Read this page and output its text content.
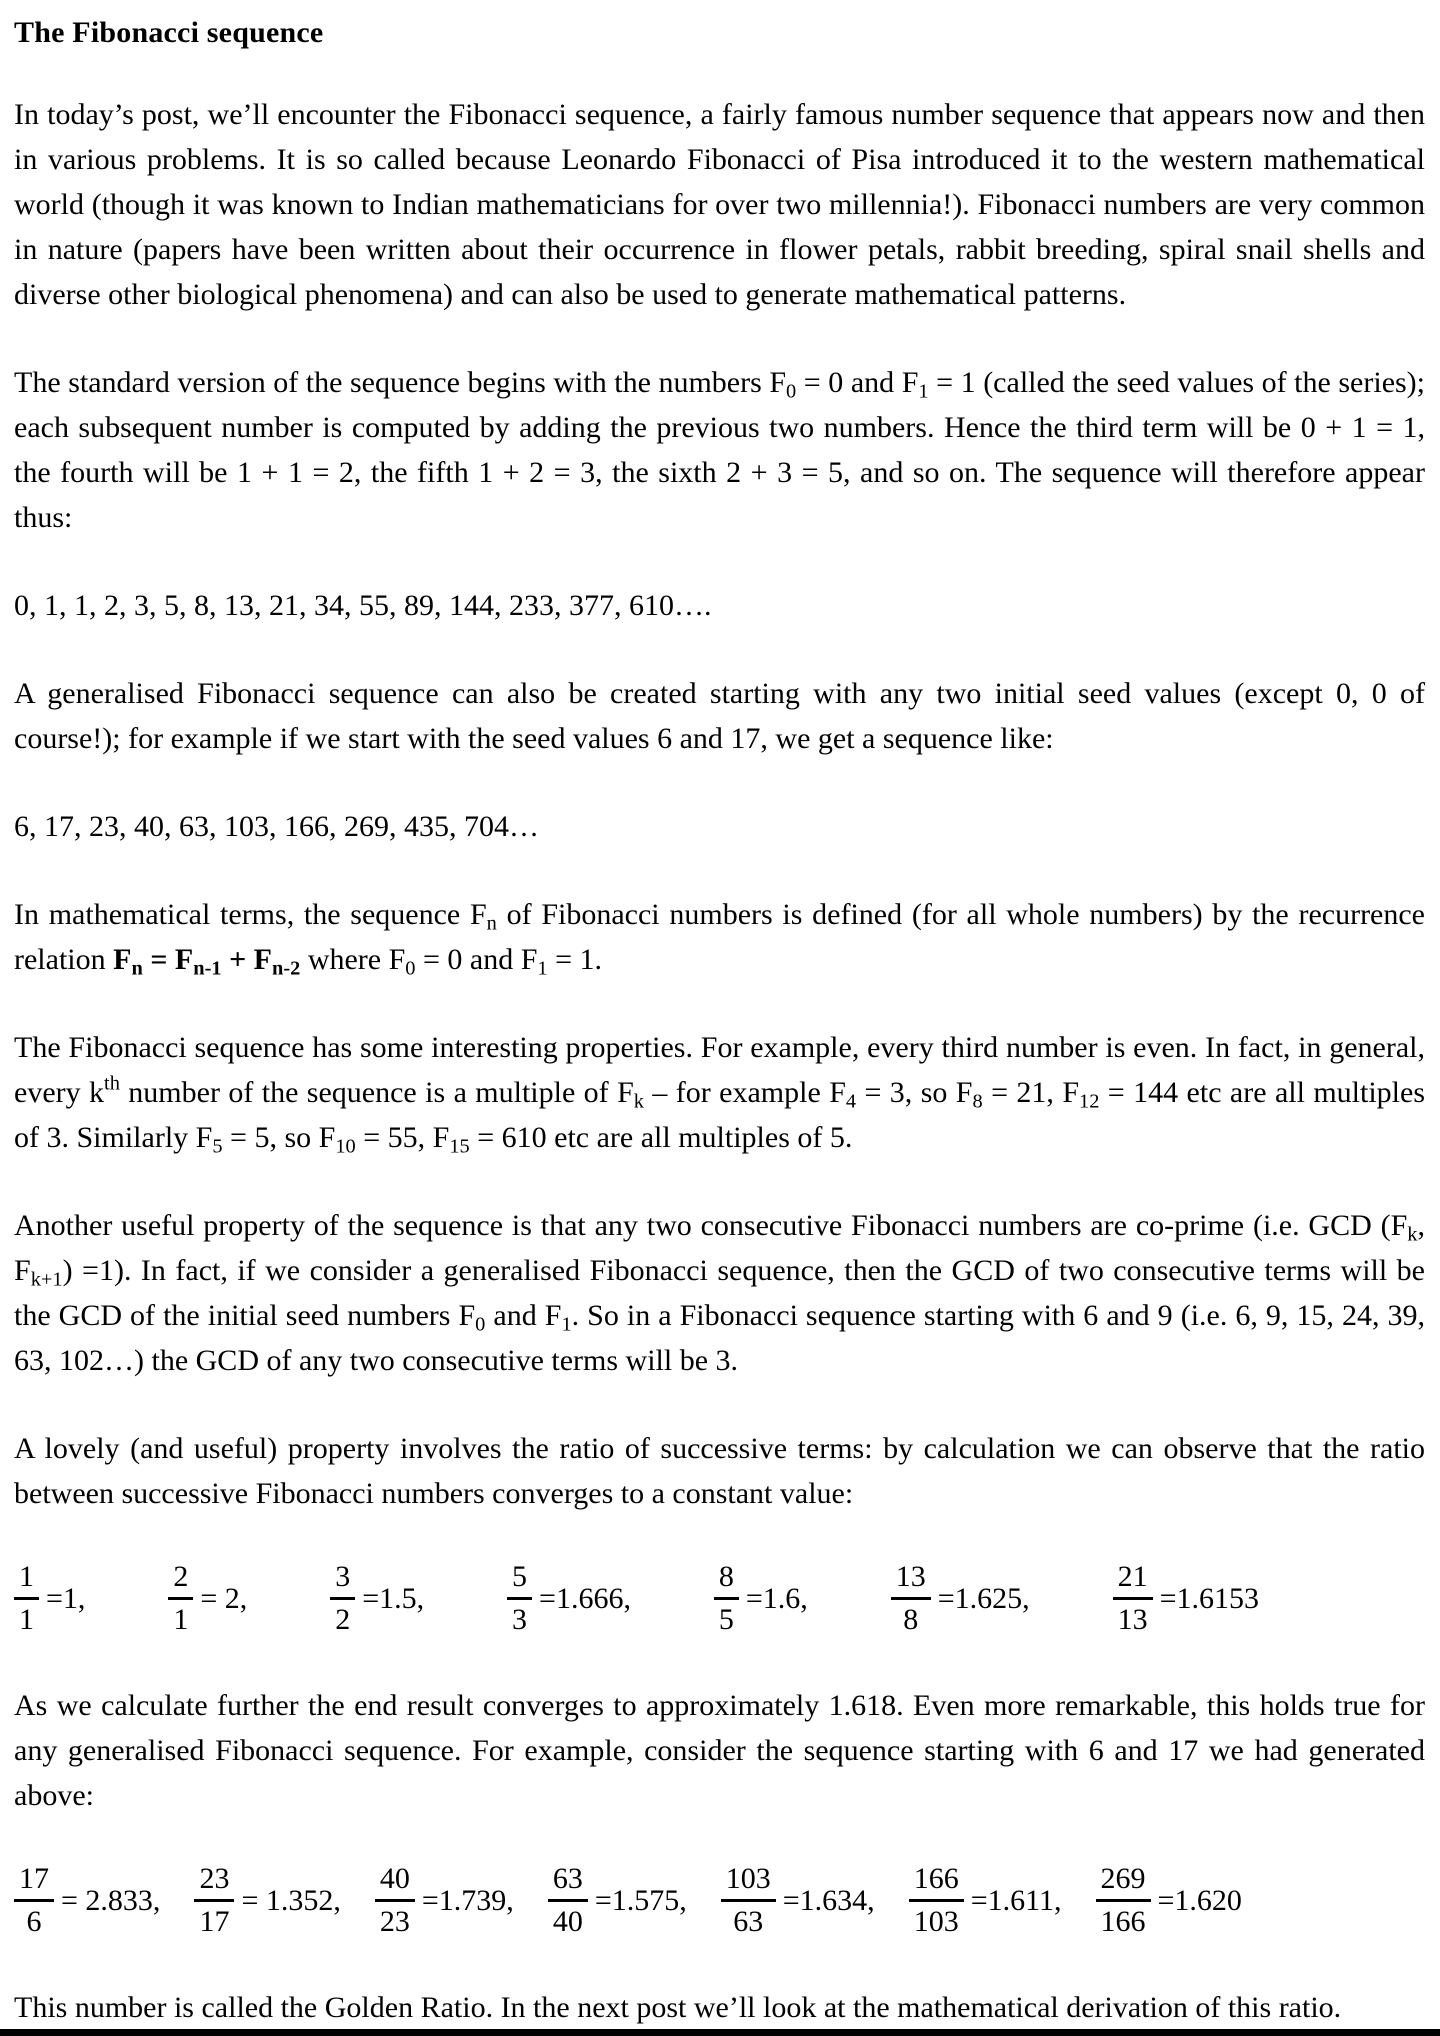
The Fibonacci sequence

In today’s post, we’ll encounter the Fibonacci sequence, a fairly famous number sequence that appears now and then in various problems. It is so called because Leonardo Fibonacci of Pisa introduced it to the western mathematical world (though it was known to Indian mathematicians for over two millennia!). Fibonacci numbers are very common in nature (papers have been written about their occurrence in flower petals, rabbit breeding, spiral snail shells and diverse other biological phenomena) and can also be used to generate mathematical patterns.

The standard version of the sequence begins with the numbers $F_0 = 0$ and $F_1 = 1$ (called the seed values of the series); each subsequent number is computed by adding the previous two numbers. Hence the third term will be 0 + 1 = 1, the fourth will be 1 + 1 = 2, the fifth 1 + 2 = 3, the sixth 2 + 3 = 5, and so on. The sequence will therefore appear thus:

0, 1, 1, 2, 3, 5, 8, 13, 21, 34, 55, 89, 144, 233, 377, 610….

A generalised Fibonacci sequence can also be created starting with any two initial seed values (except 0, 0 of course!); for example if we start with the seed values 6 and 17, we get a sequence like:

6, 17, 23, 40, 63, 103, 166, 269, 435, 704…

In mathematical terms, the sequence $F_n$ of Fibonacci numbers is defined (for all whole numbers) by the recurrence relation $F_n = F_{n-1} + F_{n-2}$ where $F_0 = 0$ and $F_1 = 1$.

The Fibonacci sequence has some interesting properties. For example, every third number is even. In fact, in general, every $k^{th}$ number of the sequence is a multiple of $F_k$ – for example $F_4 = 3$, so $F_8 = 21$, $F_{12} = 144$ etc are all multiples of 3. Similarly $F_5 = 5$, so $F_{10} = 55$, $F_{15} = 610$ etc are all multiples of 5.

Another useful property of the sequence is that any two consecutive Fibonacci numbers are co-prime (i.e. GCD ($F_k$, $F_{k+1}) =1$). In fact, if we consider a generalised Fibonacci sequence, then the GCD of two consecutive terms will be the GCD of the initial seed numbers $F_0$ and $F_1$. So in a Fibonacci sequence starting with 6 and 9 (i.e. 6, 9, 15, 24, 39, 63, 102…) the GCD of any two consecutive terms will be 3.

A lovely (and useful) property involves the ratio of successive terms: by calculation we can observe that the ratio between successive Fibonacci numbers converges to a constant value:

$\frac{1}{1} =1$,	$\frac{2}{1} = 2$,	$\frac{3}{2} =1.5$,	$\frac{5}{3} =1.666$,	$\frac{8}{5} =1.6$,	$\frac{13}{8} =1.625$,	$\frac{21}{13} =1.6153$

As we calculate further the end result converges to approximately 1.618. Even more remarkable, this holds true for any generalised Fibonacci sequence. For example, consider the sequence starting with 6 and 17 we had generated above:

$\frac{17}{6} = 2.833$, $\frac{23}{17} = 1.352$, $\frac{40}{23} =1.739$, $\frac{63}{40} =1.575$, $\frac{103}{63} =1.634$, $\frac{166}{103} =1.611$, $\frac{269}{166} =1.620$

This number is called the Golden Ratio. In the next post we’ll look at the mathematical derivation of this ratio.
